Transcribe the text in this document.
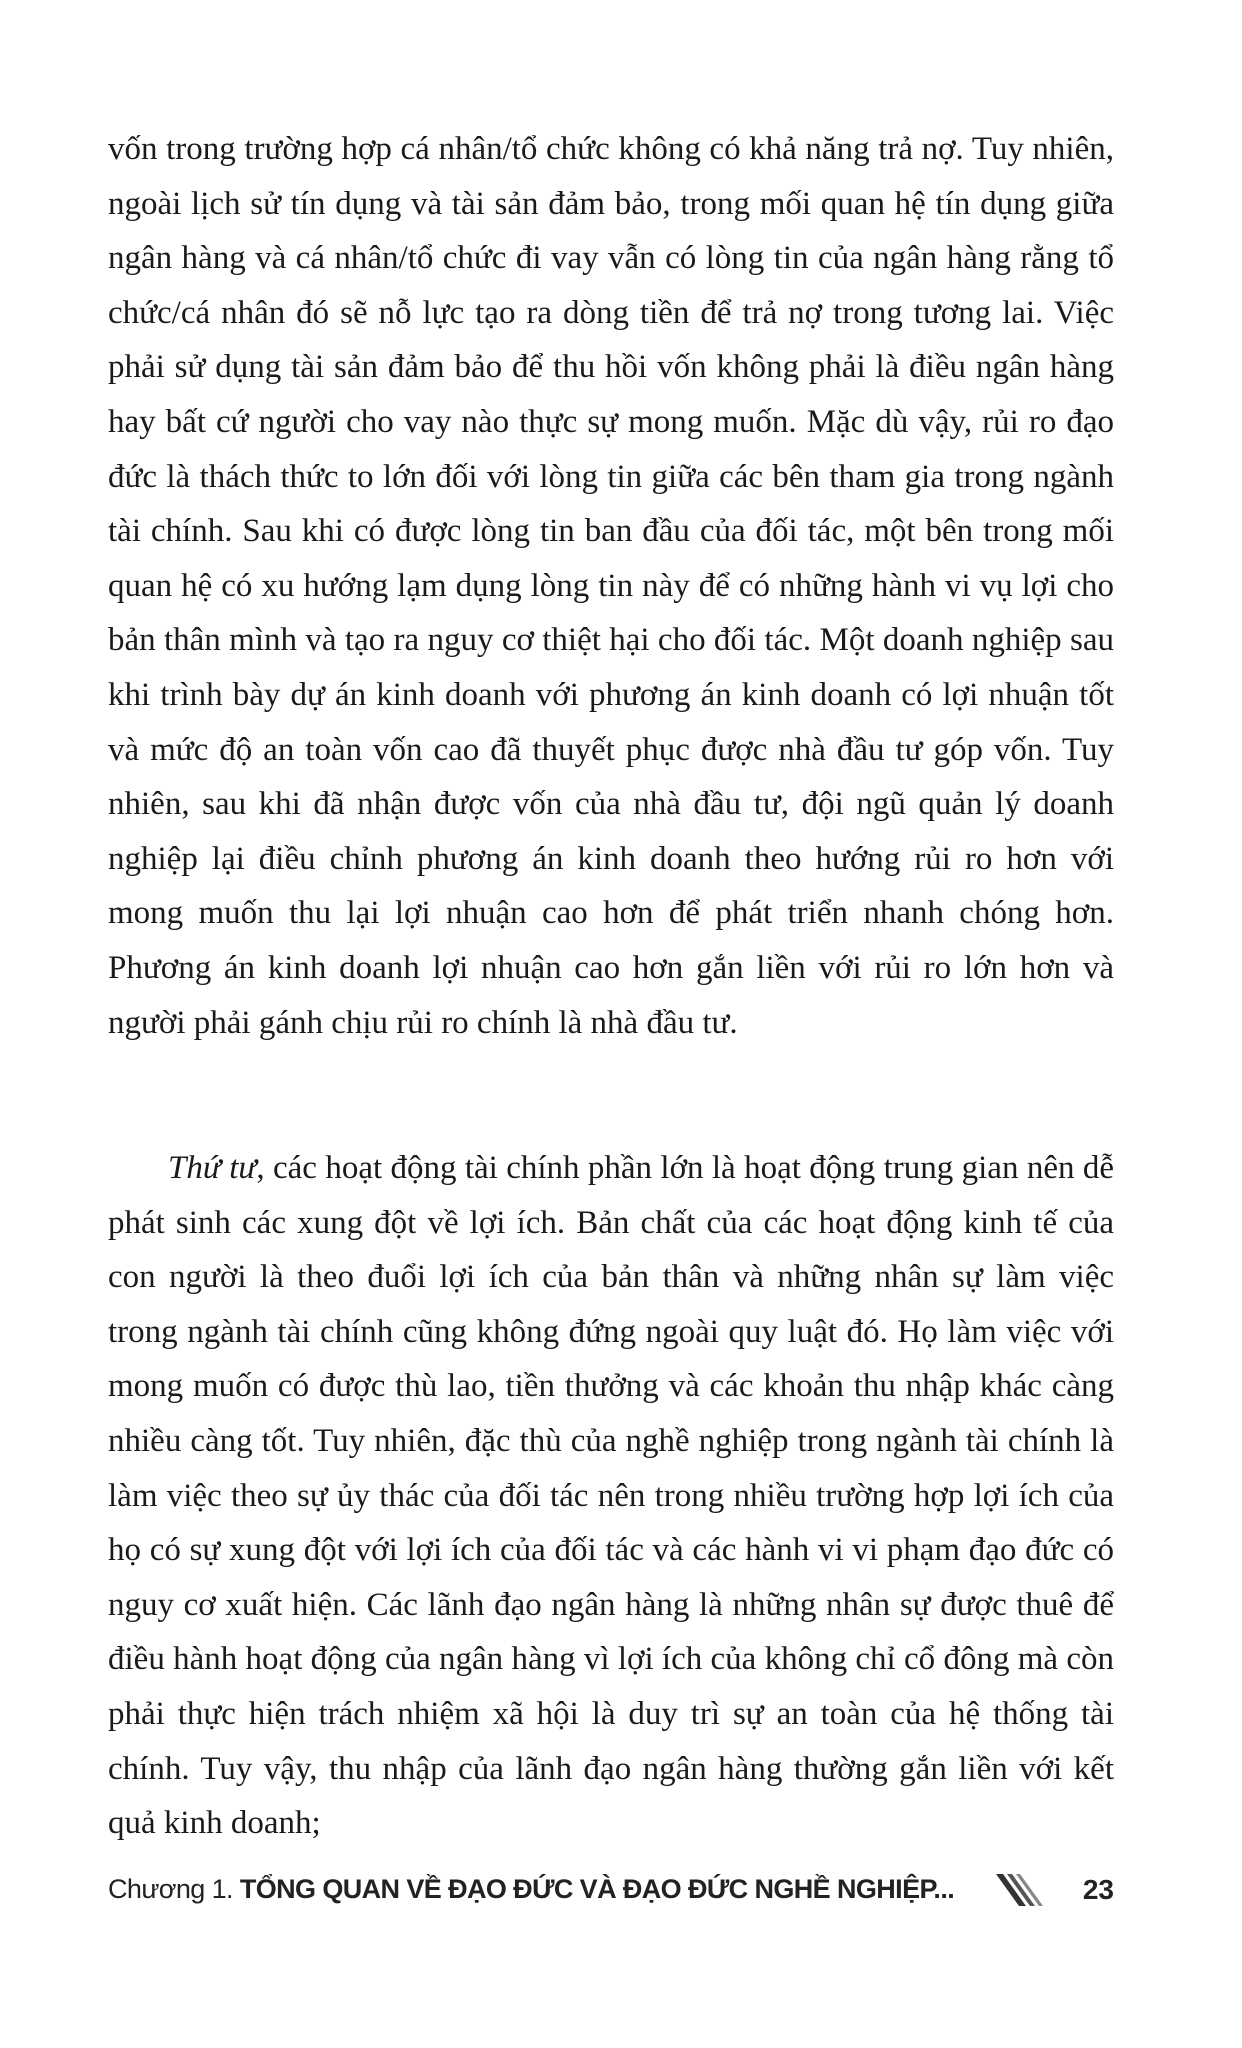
vốn trong trường hợp cá nhân/tổ chức không có khả năng trả nợ. Tuy nhiên, ngoài lịch sử tín dụng và tài sản đảm bảo, trong mối quan hệ tín dụng giữa ngân hàng và cá nhân/tổ chức đi vay vẫn có lòng tin của ngân hàng rằng tổ chức/cá nhân đó sẽ nỗ lực tạo ra dòng tiền để trả nợ trong tương lai. Việc phải sử dụng tài sản đảm bảo để thu hồi vốn không phải là điều ngân hàng hay bất cứ người cho vay nào thực sự mong muốn. Mặc dù vậy, rủi ro đạo đức là thách thức to lớn đối với lòng tin giữa các bên tham gia trong ngành tài chính. Sau khi có được lòng tin ban đầu của đối tác, một bên trong mối quan hệ có xu hướng lạm dụng lòng tin này để có những hành vi vụ lợi cho bản thân mình và tạo ra nguy cơ thiệt hại cho đối tác. Một doanh nghiệp sau khi trình bày dự án kinh doanh với phương án kinh doanh có lợi nhuận tốt và mức độ an toàn vốn cao đã thuyết phục được nhà đầu tư góp vốn. Tuy nhiên, sau khi đã nhận được vốn của nhà đầu tư, đội ngũ quản lý doanh nghiệp lại điều chỉnh phương án kinh doanh theo hướng rủi ro hơn với mong muốn thu lại lợi nhuận cao hơn để phát triển nhanh chóng hơn. Phương án kinh doanh lợi nhuận cao hơn gắn liền với rủi ro lớn hơn và người phải gánh chịu rủi ro chính là nhà đầu tư.

Thứ tư, các hoạt động tài chính phần lớn là hoạt động trung gian nên dễ phát sinh các xung đột về lợi ích. Bản chất của các hoạt động kinh tế của con người là theo đuổi lợi ích của bản thân và những nhân sự làm việc trong ngành tài chính cũng không đứng ngoài quy luật đó. Họ làm việc với mong muốn có được thù lao, tiền thưởng và các khoản thu nhập khác càng nhiều càng tốt. Tuy nhiên, đặc thù của nghề nghiệp trong ngành tài chính là làm việc theo sự ủy thác của đối tác nên trong nhiều trường hợp lợi ích của họ có sự xung đột với lợi ích của đối tác và các hành vi vi phạm đạo đức có nguy cơ xuất hiện. Các lãnh đạo ngân hàng là những nhân sự được thuê để điều hành hoạt động của ngân hàng vì lợi ích của không chỉ cổ đông mà còn phải thực hiện trách nhiệm xã hội là duy trì sự an toàn của hệ thống tài chính. Tuy vậy, thu nhập của lãnh đạo ngân hàng thường gắn liền với kết quả kinh doanh;

Chương 1. TỔNG QUAN VỀ ĐẠO ĐỨC VÀ ĐẠO ĐỨC NGHỀ NGHIỆP...	23
